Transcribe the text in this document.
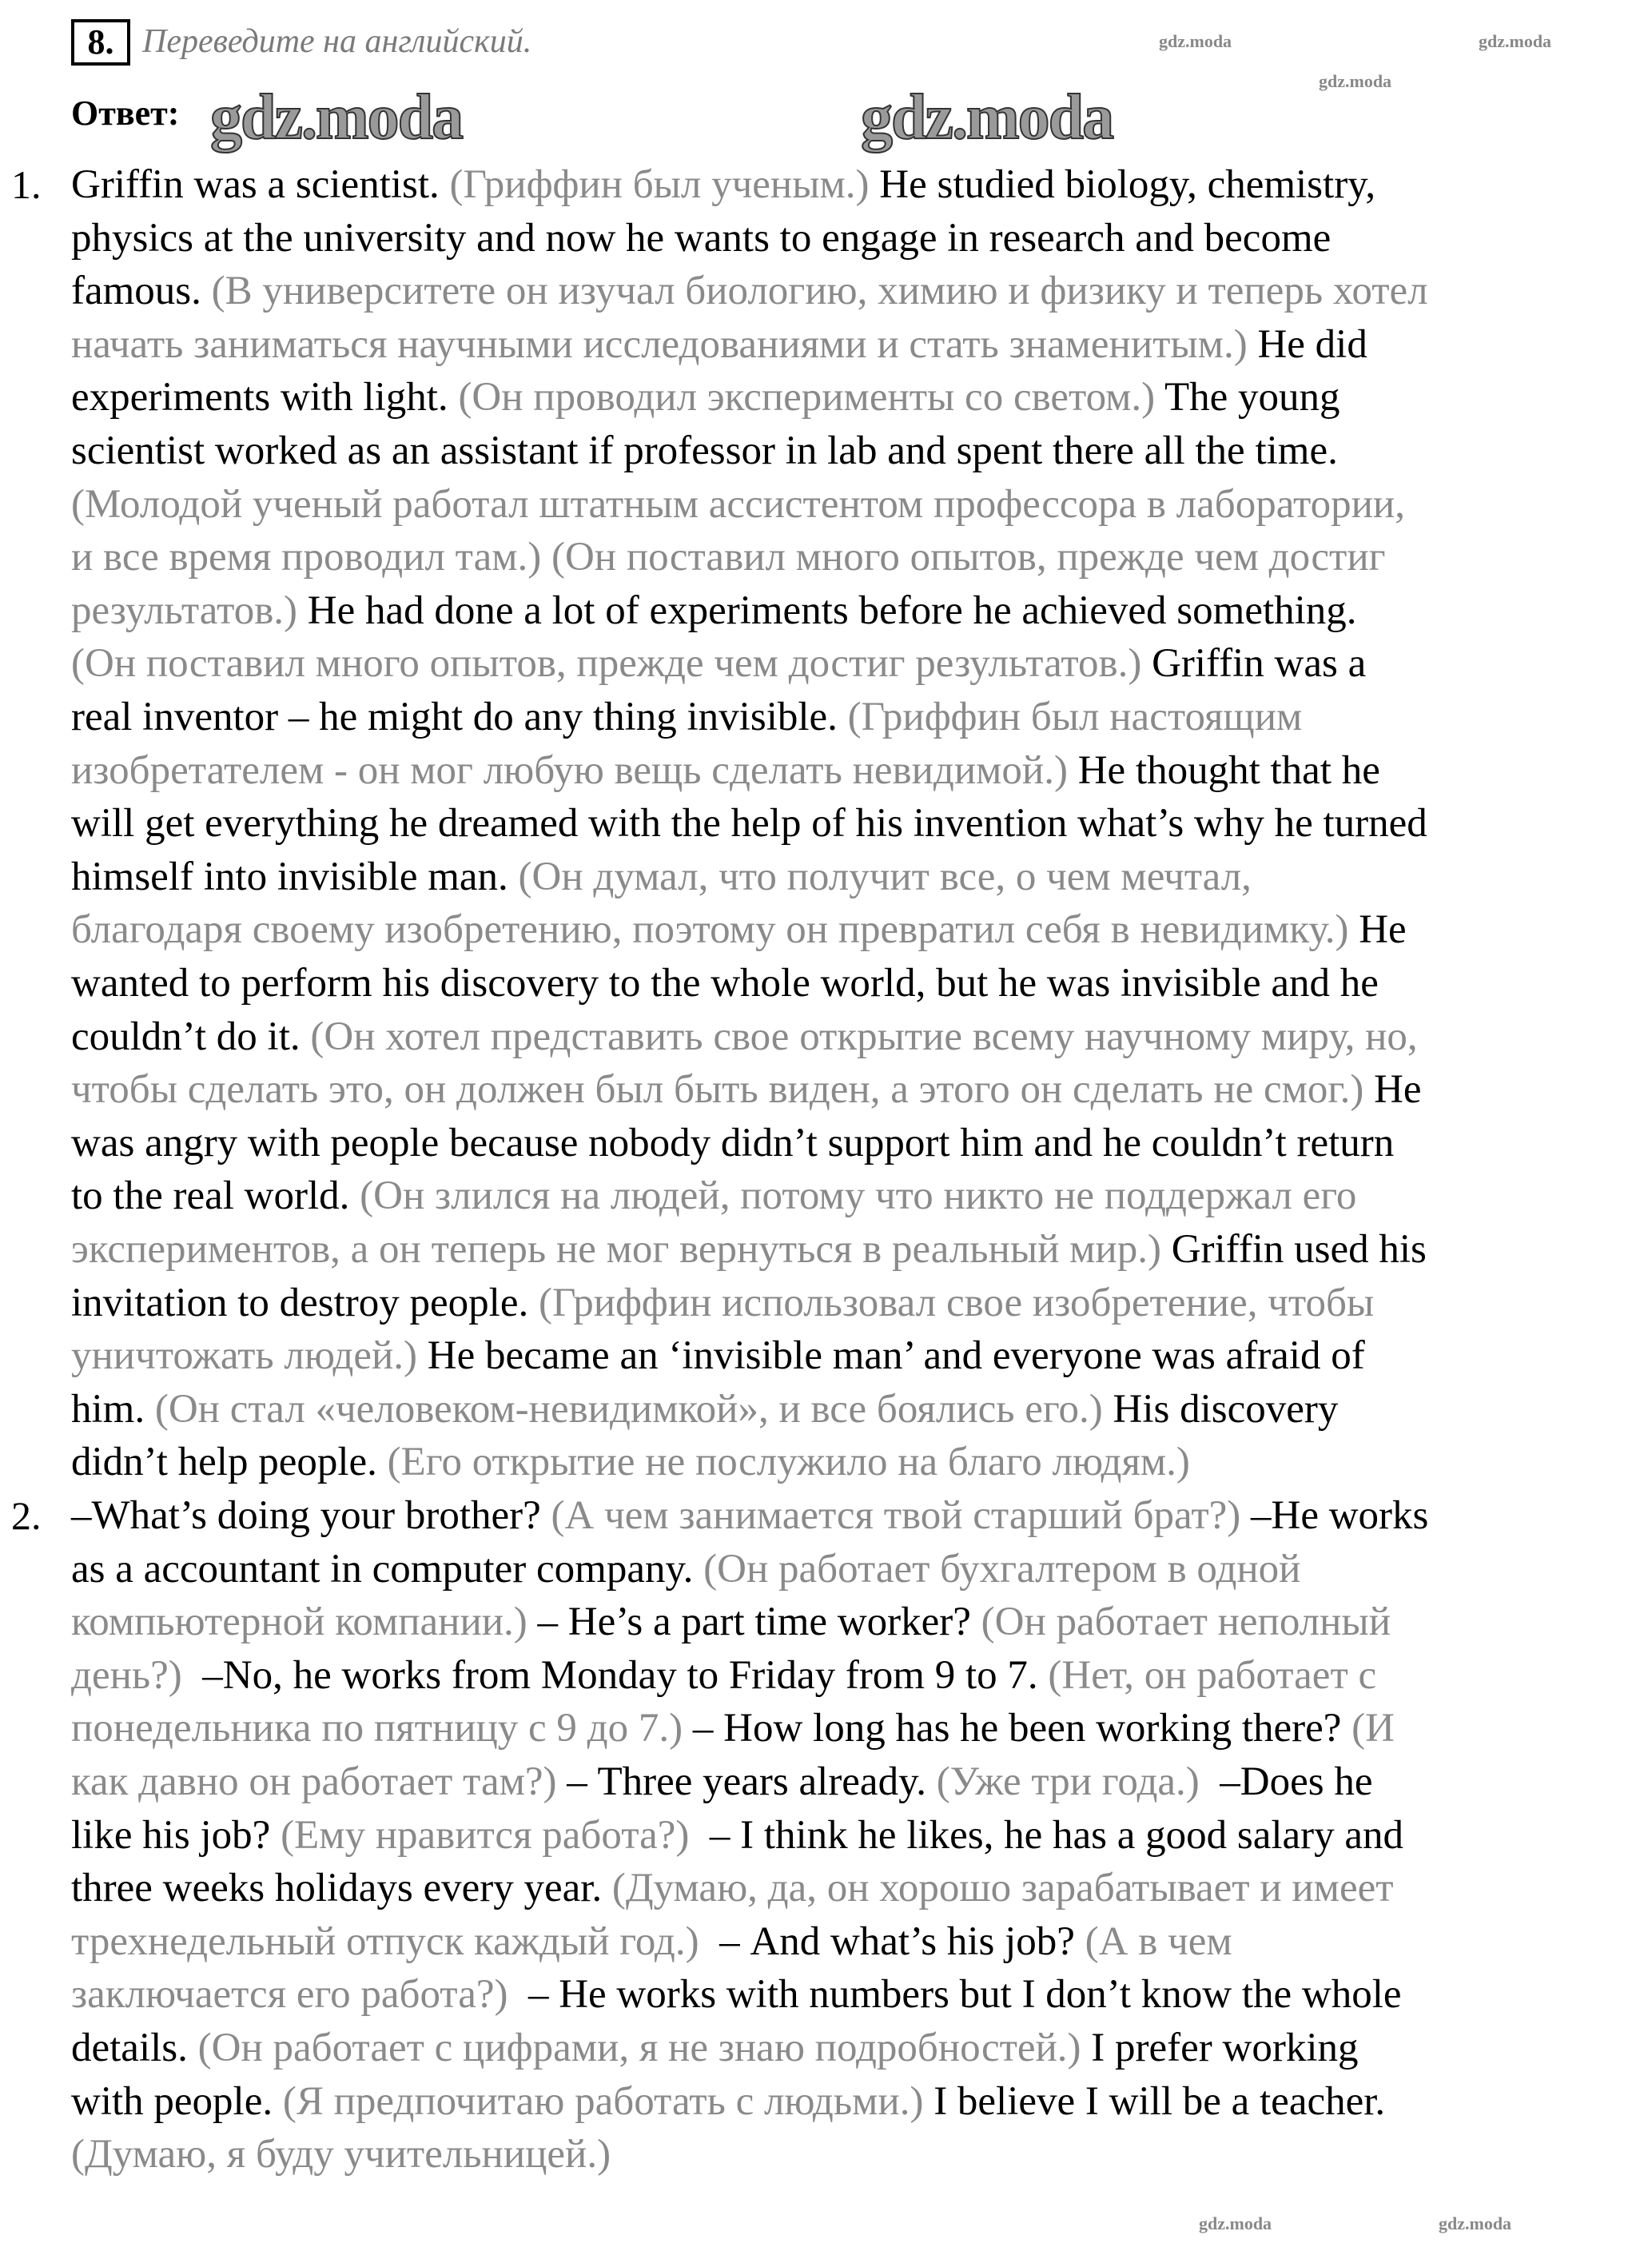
8. Переведите на английский.
Ответ: gdz.moda	gdz.moda
1. Griffin was a scientist. (Гриффин был ученым.) He studied biology, chemistry,
physics at the university and now he wants to engage in research and become
famous. (В университете он изучал биологию, химию и физику и теперь хотел
начать заниматься научными исследованиями и стать знаменитым.) He did
experiments with light. (Он проводил эксперименты со светом.) The young
scientist worked as an assistant if professor in lab and spent there all the time.
(Молодой ученый работал штатным ассистентом профессора в лаборатории,
и все время проводил там.) (Он поставил много опытов, прежде чем достиг
результатов.) He had done a lot of experiments before he achieved something.
(Он поставил много опытов, прежде чем достиг результатов.) Griffin was a
real inventor – he might do any thing invisible. (Гриффин был настоящим
изобретателем - он мог любую вещь сделать невидимой.) He thought that he
will get everything he dreamed with the help of his invention what’s why he turned
himself into invisible man. (Он думал, что получит все, о чем мечтал,
благодаря своему изобретению, поэтому он превратил себя в невидимку.) He
wanted to perform his discovery to the whole world, but he was invisible and he
couldn’t do it. (Он хотел представить свое открытие всему научному миру, но,
чтобы сделать это, он должен был быть виден, а этого он сделать не смог.) He
was angry with people because nobody didn’t support him and he couldn’t return
to the real world. (Он злился на людей, потому что никто не поддержал его
экспериментов, а он теперь не мог вернуться в реальный мир.) Griffin used his
invitation to destroy people. (Гриффин использовал свое изобретение, чтобы
уничтожать людей.) He became an ‘invisible man’ and everyone was afraid of
him. (Он стал «человеком-невидимкой», и все боялись его.) His discovery
didn’t help people. (Его открытие не послужило на благо людям.)
2. –What’s doing your brother? (А чем занимается твой старший брат?) –He works
as a accountant in computer company. (Он работает бухгалтером в одной
компьютерной компании.) – He’s a part time worker? (Он работает неполный
день?)  –No, he works from Monday to Friday from 9 to 7. (Нет, он работает с
понедельника по пятницу с 9 до 7.) – How long has he been working there? (И
как давно он работает там?) – Three years already. (Уже три года.)  –Does he
like his job? (Ему нравится работа?)  – I think he likes, he has a good salary and
three weeks holidays every year. (Думаю, да, он хорошо зарабатывает и имеет
трехнедельный отпуск каждый год.)  – And what’s his job? (А в чем
заключается его работа?)  – He works with numbers but I don’t know the whole
details. (Он работает с цифрами, я не знаю подробностей.) I prefer working
with people. (Я предпочитаю работать с людьми.) I believe I will be a teacher.
(Думаю, я буду учительницей.)
gdz.moda
gdz.moda
gdz.moda
gdz.moda	gdz.moda
